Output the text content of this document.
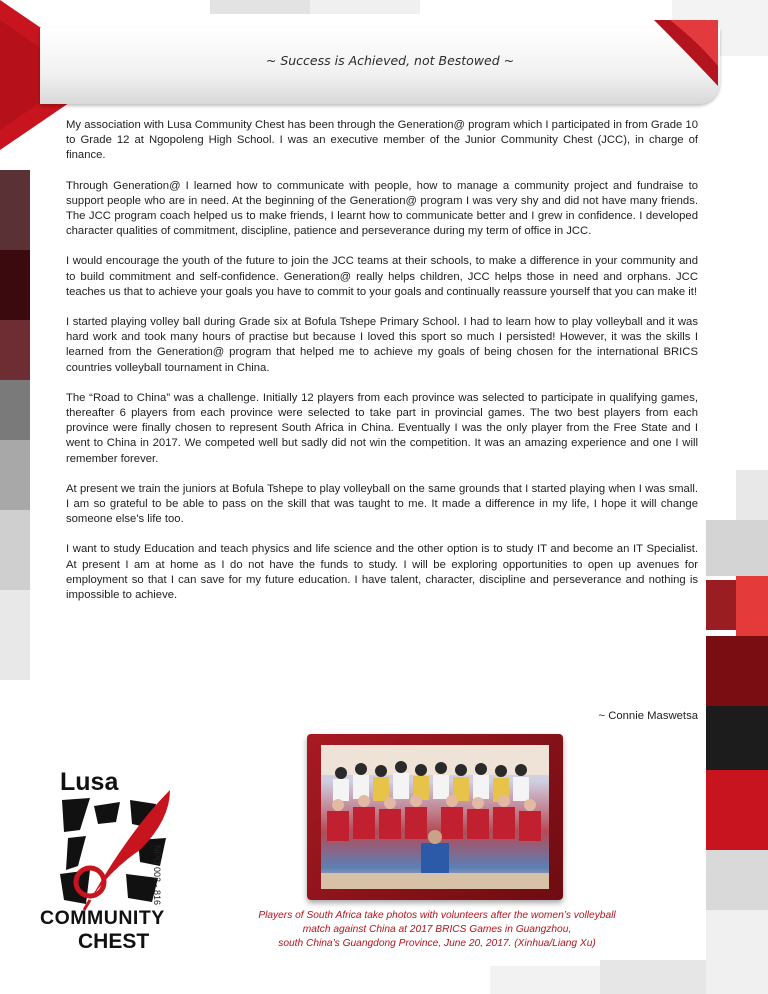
~ Success is Achieved, not Bestowed ~

My association with Lusa Community Chest has been through the Generation@ program which I participated in from Grade 10 to Grade 12 at Ngopoleng High School. I was an executive member of the Junior Community Chest (JCC), in charge of finance.

Through Generation@ I learned how to communicate with people, how to manage a community project and fundraise to support people who are in need. At the beginning of the Generation@ program I was very shy and did not have many friends. The JCC program coach helped us to make friends, I learnt how to communicate better and I grew in confidence. I developed character qualities of commitment, discipline, patience and perseverance during my term of office in JCC.

I would encourage the youth of the future to join the JCC teams at their schools, to make a difference in your community and to build commitment and self-confidence. Generation@ really helps children, JCC helps those in need and orphans. JCC teaches us that to achieve your goals you have to commit to your goals and continually reassure yourself that you can make it!

I started playing volley ball during Grade six at Bofula Tshepe Primary School. I had to learn how to play volleyball and it was hard work and took many hours of practise but because I loved this sport so much I persisted! However, it was the skills I learned from the Generation@ program that helped me to achieve my goals of being chosen for the international BRICS countries volleyball tournament in China.

The “Road to China” was a challenge. Initially 12 players from each province was selected to participate in qualifying games, thereafter 6 players from each province were selected to take part in provincial games. The two best players from each province were finally chosen to represent South Africa in China. Eventually I was the only player from the Free State and I went to China in 2017. We competed well but sadly did not win the competition. It was an amazing experience and one I will remember forever.

At present we train the juniors at Bofula Tshepe to play volleyball on the same grounds that I started playing when I was small. I am so grateful to be able to pass on the skill that was taught to me. It made a difference in my life, I hope it will change someone else's life too.

I want to study Education and teach physics and life science and the other option is to study IT and become an IT Specialist. At present I am at home as I do not have the funds to study. I will be exploring opportunities to open up avenues for employment so that I can save for my future education. I have talent, character, discipline and perseverance and nothing is impossible to achieve.

~ Connie Maswetsa
Players of South Africa take photos with volunteers after the women’s volleyball
match against China at 2017 BRICS Games in Guangzhou,
south China’s Guangdong Province, June 20, 2017. (Xinhua/Liang Xu)
Lusa
COMMUNITY
CHEST
NPO 002 - 816
